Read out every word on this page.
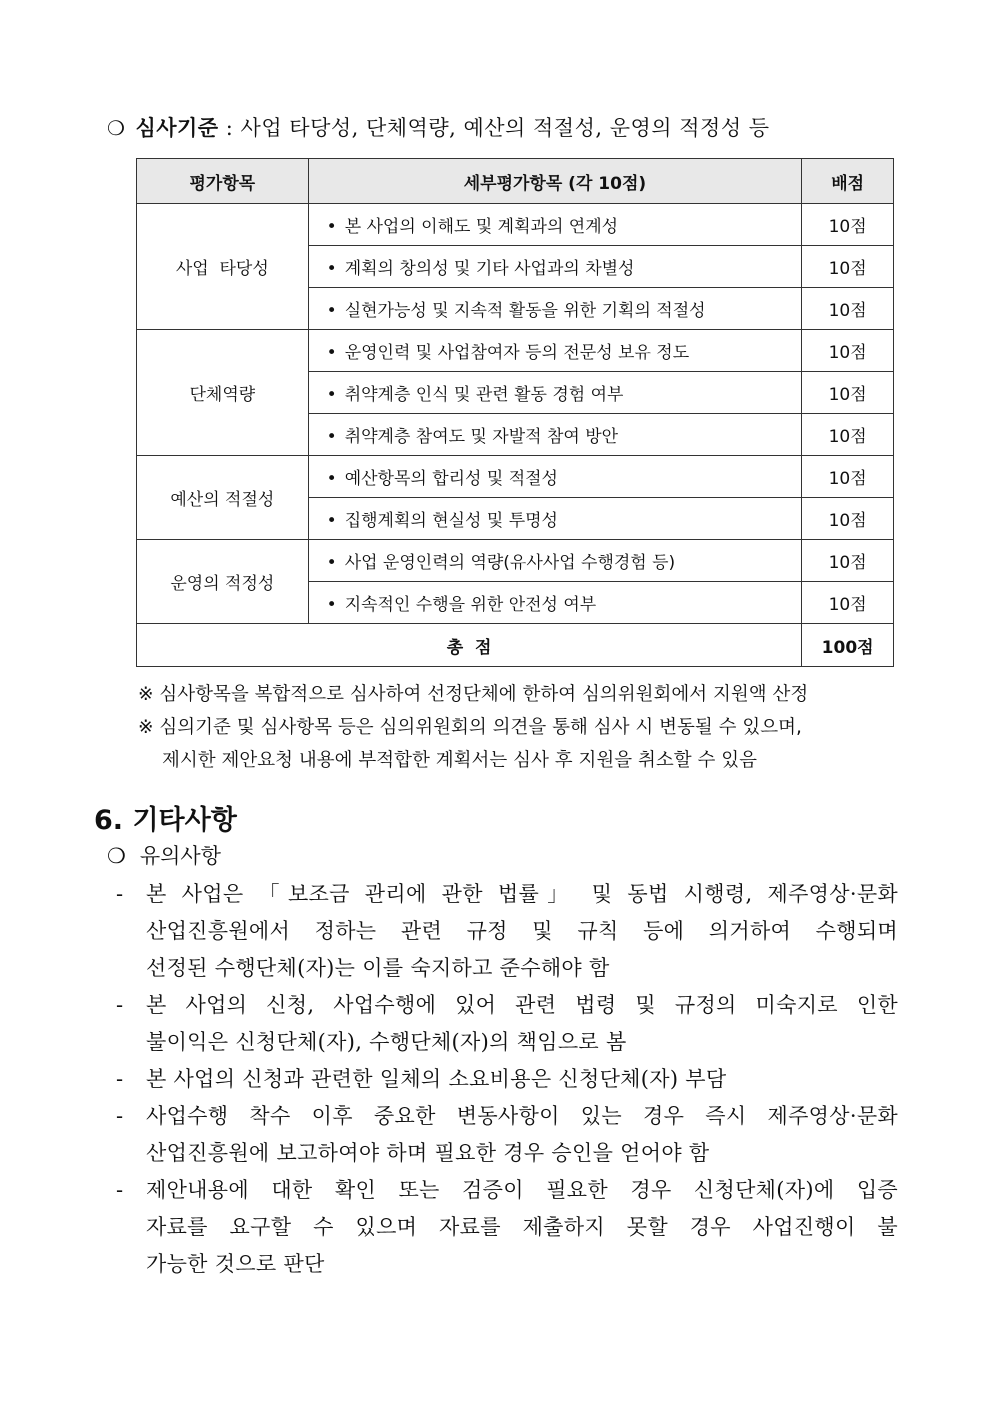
❍ 심사기준 : 사업 타당성, 단체역량, 예산의 적절성, 운영의 적정성 등
평가항목	세부평가항목 (각 10점)	배점
사업  타당성	• 본 사업의 이해도 및 계획과의 연계성	10점
	• 계획의 창의성 및 기타 사업과의 차별성	10점
	• 실현가능성 및 지속적 활동을 위한 기획의 적절성	10점
단체역량	• 운영인력 및 사업참여자 등의 전문성 보유 정도	10점
	• 취약계층 인식 및 관련 활동 경험 여부	10점
	• 취약계층 참여도 및 자발적 참여 방안	10점
예산의 적절성	• 예산항목의 합리성 및 적절성	10점
	• 집행계획의 현실성 및 투명성	10점
운영의 적정성	• 사업 운영인력의 역량(유사사업 수행경험 등)	10점
	• 지속적인 수행을 위한 안전성 여부	10점
총  점		100점
※ 심사항목을 복합적으로 심사하여 선정단체에 한하여 심의위원회에서 지원액 산정
※ 심의기준 및 심사항목 등은 심의위원회의 의견을 통해 심사 시 변동될 수 있으며,
제시한 제안요청 내용에 부적합한 계획서는 심사 후 지원을 취소할 수 있음
6. 기타사항
❍ 유의사항
-	본 사업은 「보조금 관리에 관한 법률」 및 동법 시행령, 제주영상·문화
산업진흥원에서 정하는 관련 규정 및 규칙 등에 의거하여 수행되며
선정된 수행단체(자)는 이를 숙지하고 준수해야 함
-	본 사업의 신청, 사업수행에 있어 관련 법령 및 규정의 미숙지로 인한
불이익은 신청단체(자), 수행단체(자)의 책임으로 봄
-	본 사업의 신청과 관련한 일체의 소요비용은 신청단체(자) 부담
-	사업수행 착수 이후 중요한 변동사항이 있는 경우 즉시 제주영상·문화
산업진흥원에 보고하여야 하며 필요한 경우 승인을 얻어야 함
-	제안내용에 대한 확인 또는 검증이 필요한 경우 신청단체(자)에 입증
자료를 요구할 수 있으며 자료를 제출하지 못할 경우 사업진행이 불
가능한 것으로 판단
